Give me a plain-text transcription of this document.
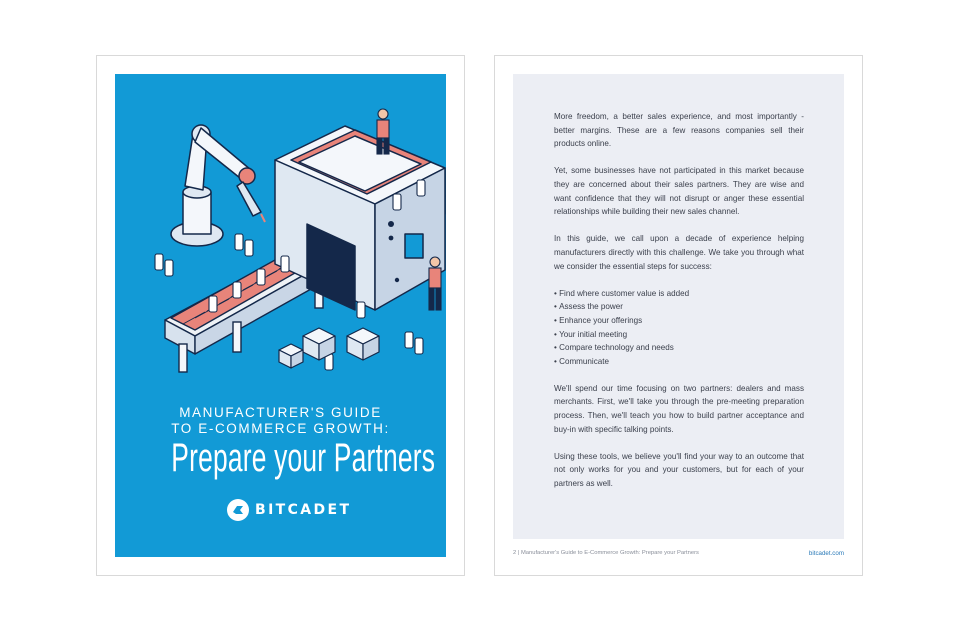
MANUFACTURER'S GUIDE
TO E-COMMERCE GROWTH:
Prepare your Partners
BITCADET

More freedom, a better sales experience, and most importantly - better margins. These are a few reasons companies sell their products online.

Yet, some businesses have not participated in this market because they are concerned about their sales partners. They are wise and want confidence that they will not disrupt or anger these essential relationships while building their new sales channel.

In this guide, we call upon a decade of experience helping manufacturers directly with this challenge. We take you through what we consider the essential steps for success:

• Find where customer value is added
• Assess the power
• Enhance your offerings
• Your initial meeting
• Compare technology and needs
• Communicate

We'll spend our time focusing on two partners: dealers and mass merchants. First, we'll take you through the pre-meeting preparation process. Then, we'll teach you how to build partner acceptance and buy-in with specific talking points.

Using these tools, we believe you'll find your way to an outcome that not only works for you and your customers, but for each of your partners as well.

2 | Manufacturer's Guide to E-Commerce Growth: Prepare your Partners	bitcadet.com
